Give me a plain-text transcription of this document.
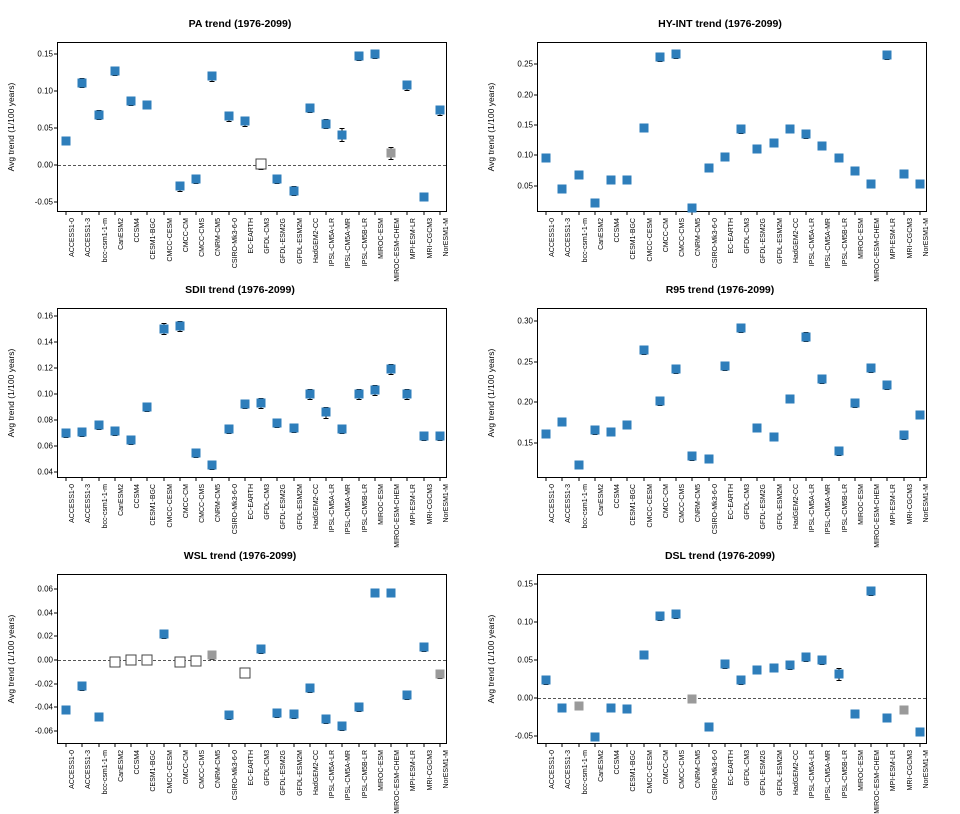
PA trend (1976-2099)
Avg trend (1/100 years)
-0.05
0.00
0.05
0.10
0.15
ACCESS1-0 ACCESS1-3 bcc-csm1-1-m CanESM2 CCSM4 CESM1-BGC CMCC-CESM CMCC-CM CMCC-CMS CNRM-CM5 CSIRO-Mk3-6-0 EC-EARTH GFDL-CM3 GFDL-ESM2G GFDL-ESM2M HadGEM2-CC IPSL-CM5A-LR IPSL-CM5A-MR IPSL-CM5B-LR MIROC-ESM MIROC-ESM-CHEM MPI-ESM-LR MRI-CGCM3 NorESM1-M
HY-INT trend (1976-2099)
Avg trend (1/100 years)
0.05
0.10
0.15
0.20
0.25
ACCESS1-0 ACCESS1-3 bcc-csm1-1-m CanESM2 CCSM4 CESM1-BGC CMCC-CESM CMCC-CM CMCC-CMS CNRM-CM5 CSIRO-Mk3-6-0 EC-EARTH GFDL-CM3 GFDL-ESM2G GFDL-ESM2M HadGEM2-CC IPSL-CM5A-LR IPSL-CM5A-MR IPSL-CM5B-LR MIROC-ESM MIROC-ESM-CHEM MPI-ESM-LR MRI-CGCM3 NorESM1-M
SDII trend (1976-2099)
Avg trend (1/100 years)
0.04
0.06
0.08
0.10
0.12
0.14
0.16
ACCESS1-0 ACCESS1-3 bcc-csm1-1-m CanESM2 CCSM4 CESM1-BGC CMCC-CESM CMCC-CM CMCC-CMS CNRM-CM5 CSIRO-Mk3-6-0 EC-EARTH GFDL-CM3 GFDL-ESM2G GFDL-ESM2M HadGEM2-CC IPSL-CM5A-LR IPSL-CM5A-MR IPSL-CM5B-LR MIROC-ESM MIROC-ESM-CHEM MPI-ESM-LR MRI-CGCM3 NorESM1-M
R95 trend (1976-2099)
Avg trend (1/100 years)
0.15
0.20
0.25
0.30
ACCESS1-0 ACCESS1-3 bcc-csm1-1-m CanESM2 CCSM4 CESM1-BGC CMCC-CESM CMCC-CM CMCC-CMS CNRM-CM5 CSIRO-Mk3-6-0 EC-EARTH GFDL-CM3 GFDL-ESM2G GFDL-ESM2M HadGEM2-CC IPSL-CM5A-LR IPSL-CM5A-MR IPSL-CM5B-LR MIROC-ESM MIROC-ESM-CHEM MPI-ESM-LR MRI-CGCM3 NorESM1-M
WSL trend (1976-2099)
Avg trend (1/100 years)
-0.06
-0.04
-0.02
0.00
0.02
0.04
0.06
ACCESS1-0 ACCESS1-3 bcc-csm1-1-m CanESM2 CCSM4 CESM1-BGC CMCC-CESM CMCC-CM CMCC-CMS CNRM-CM5 CSIRO-Mk3-6-0 EC-EARTH GFDL-CM3 GFDL-ESM2G GFDL-ESM2M HadGEM2-CC IPSL-CM5A-LR IPSL-CM5A-MR IPSL-CM5B-LR MIROC-ESM MIROC-ESM-CHEM MPI-ESM-LR MRI-CGCM3 NorESM1-M
DSL trend (1976-2099)
Avg trend (1/100 years)
-0.05
0.00
0.05
0.10
0.15
ACCESS1-0 ACCESS1-3 bcc-csm1-1-m CanESM2 CCSM4 CESM1-BGC CMCC-CESM CMCC-CM CMCC-CMS CNRM-CM5 CSIRO-Mk3-6-0 EC-EARTH GFDL-CM3 GFDL-ESM2G GFDL-ESM2M HadGEM2-CC IPSL-CM5A-LR IPSL-CM5A-MR IPSL-CM5B-LR MIROC-ESM MIROC-ESM-CHEM MPI-ESM-LR MRI-CGCM3 NorESM1-M
